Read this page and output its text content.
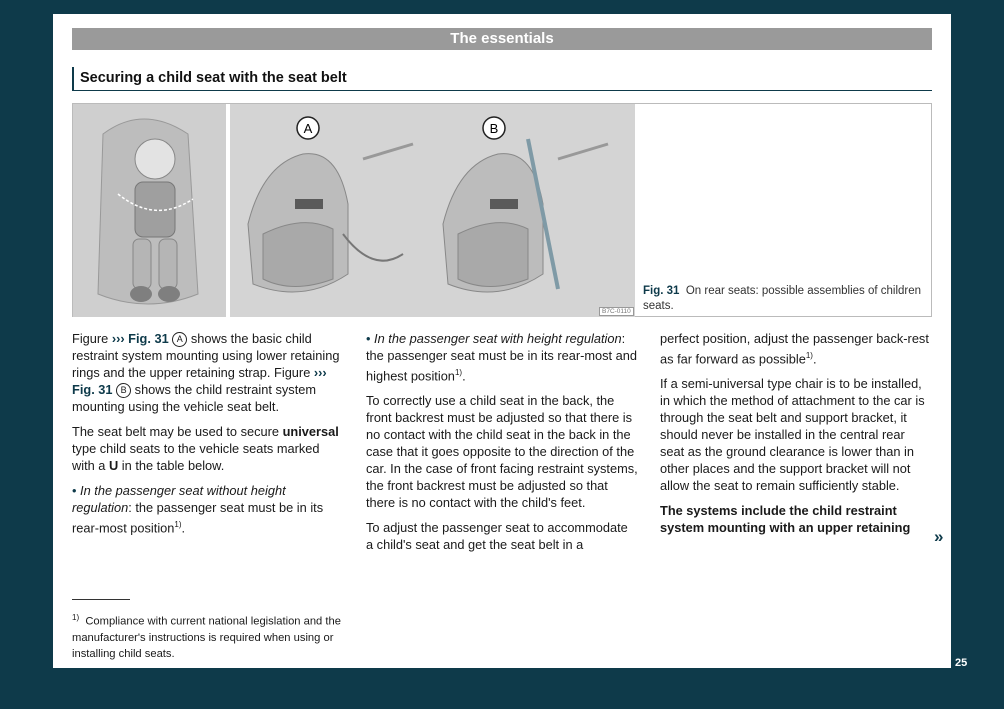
The essentials
Securing a child seat with the seat belt
A	B
B7C-0110
Fig. 31 On rear seats: possible assemblies of children seats.

Figure ››› Fig. 31 A shows the basic child restraint system mounting using lower retaining rings and the upper retaining strap. Figure ››› Fig. 31 B shows the child restraint system mounting using the vehicle seat belt.

The seat belt may be used to secure universal type child seats to the vehicle seats marked with a U in the table below.

• In the passenger seat without height regulation: the passenger seat must be in its rear-most position$^{1)}$.

• In the passenger seat with height regulation: the passenger seat must be in its rear-most and highest position$^{1)}$.

To correctly use a child seat in the back, the front backrest must be adjusted so that there is no contact with the child seat in the back in the case that it goes opposite to the direction of the car. In the case of front facing restraint systems, the front backrest must be adjusted so that there is no contact with the child's feet.

To adjust the passenger seat to accommodate a child's seat and get the seat belt in a

perfect position, adjust the passenger back-rest as far forward as possible$^{1)}$.

If a semi-universal type chair is to be installed, in which the method of attachment to the car is through the seat belt and support bracket, it should never be installed in the central rear seat as the ground clearance is lower than in other places and the support bracket will not allow the seat to remain sufficiently stable.

The systems include the child restraint system mounting with an upper retaining	»
$^{1)}$ Compliance with current national legislation and the manufacturer's instructions is required when using or installing child seats.
25
